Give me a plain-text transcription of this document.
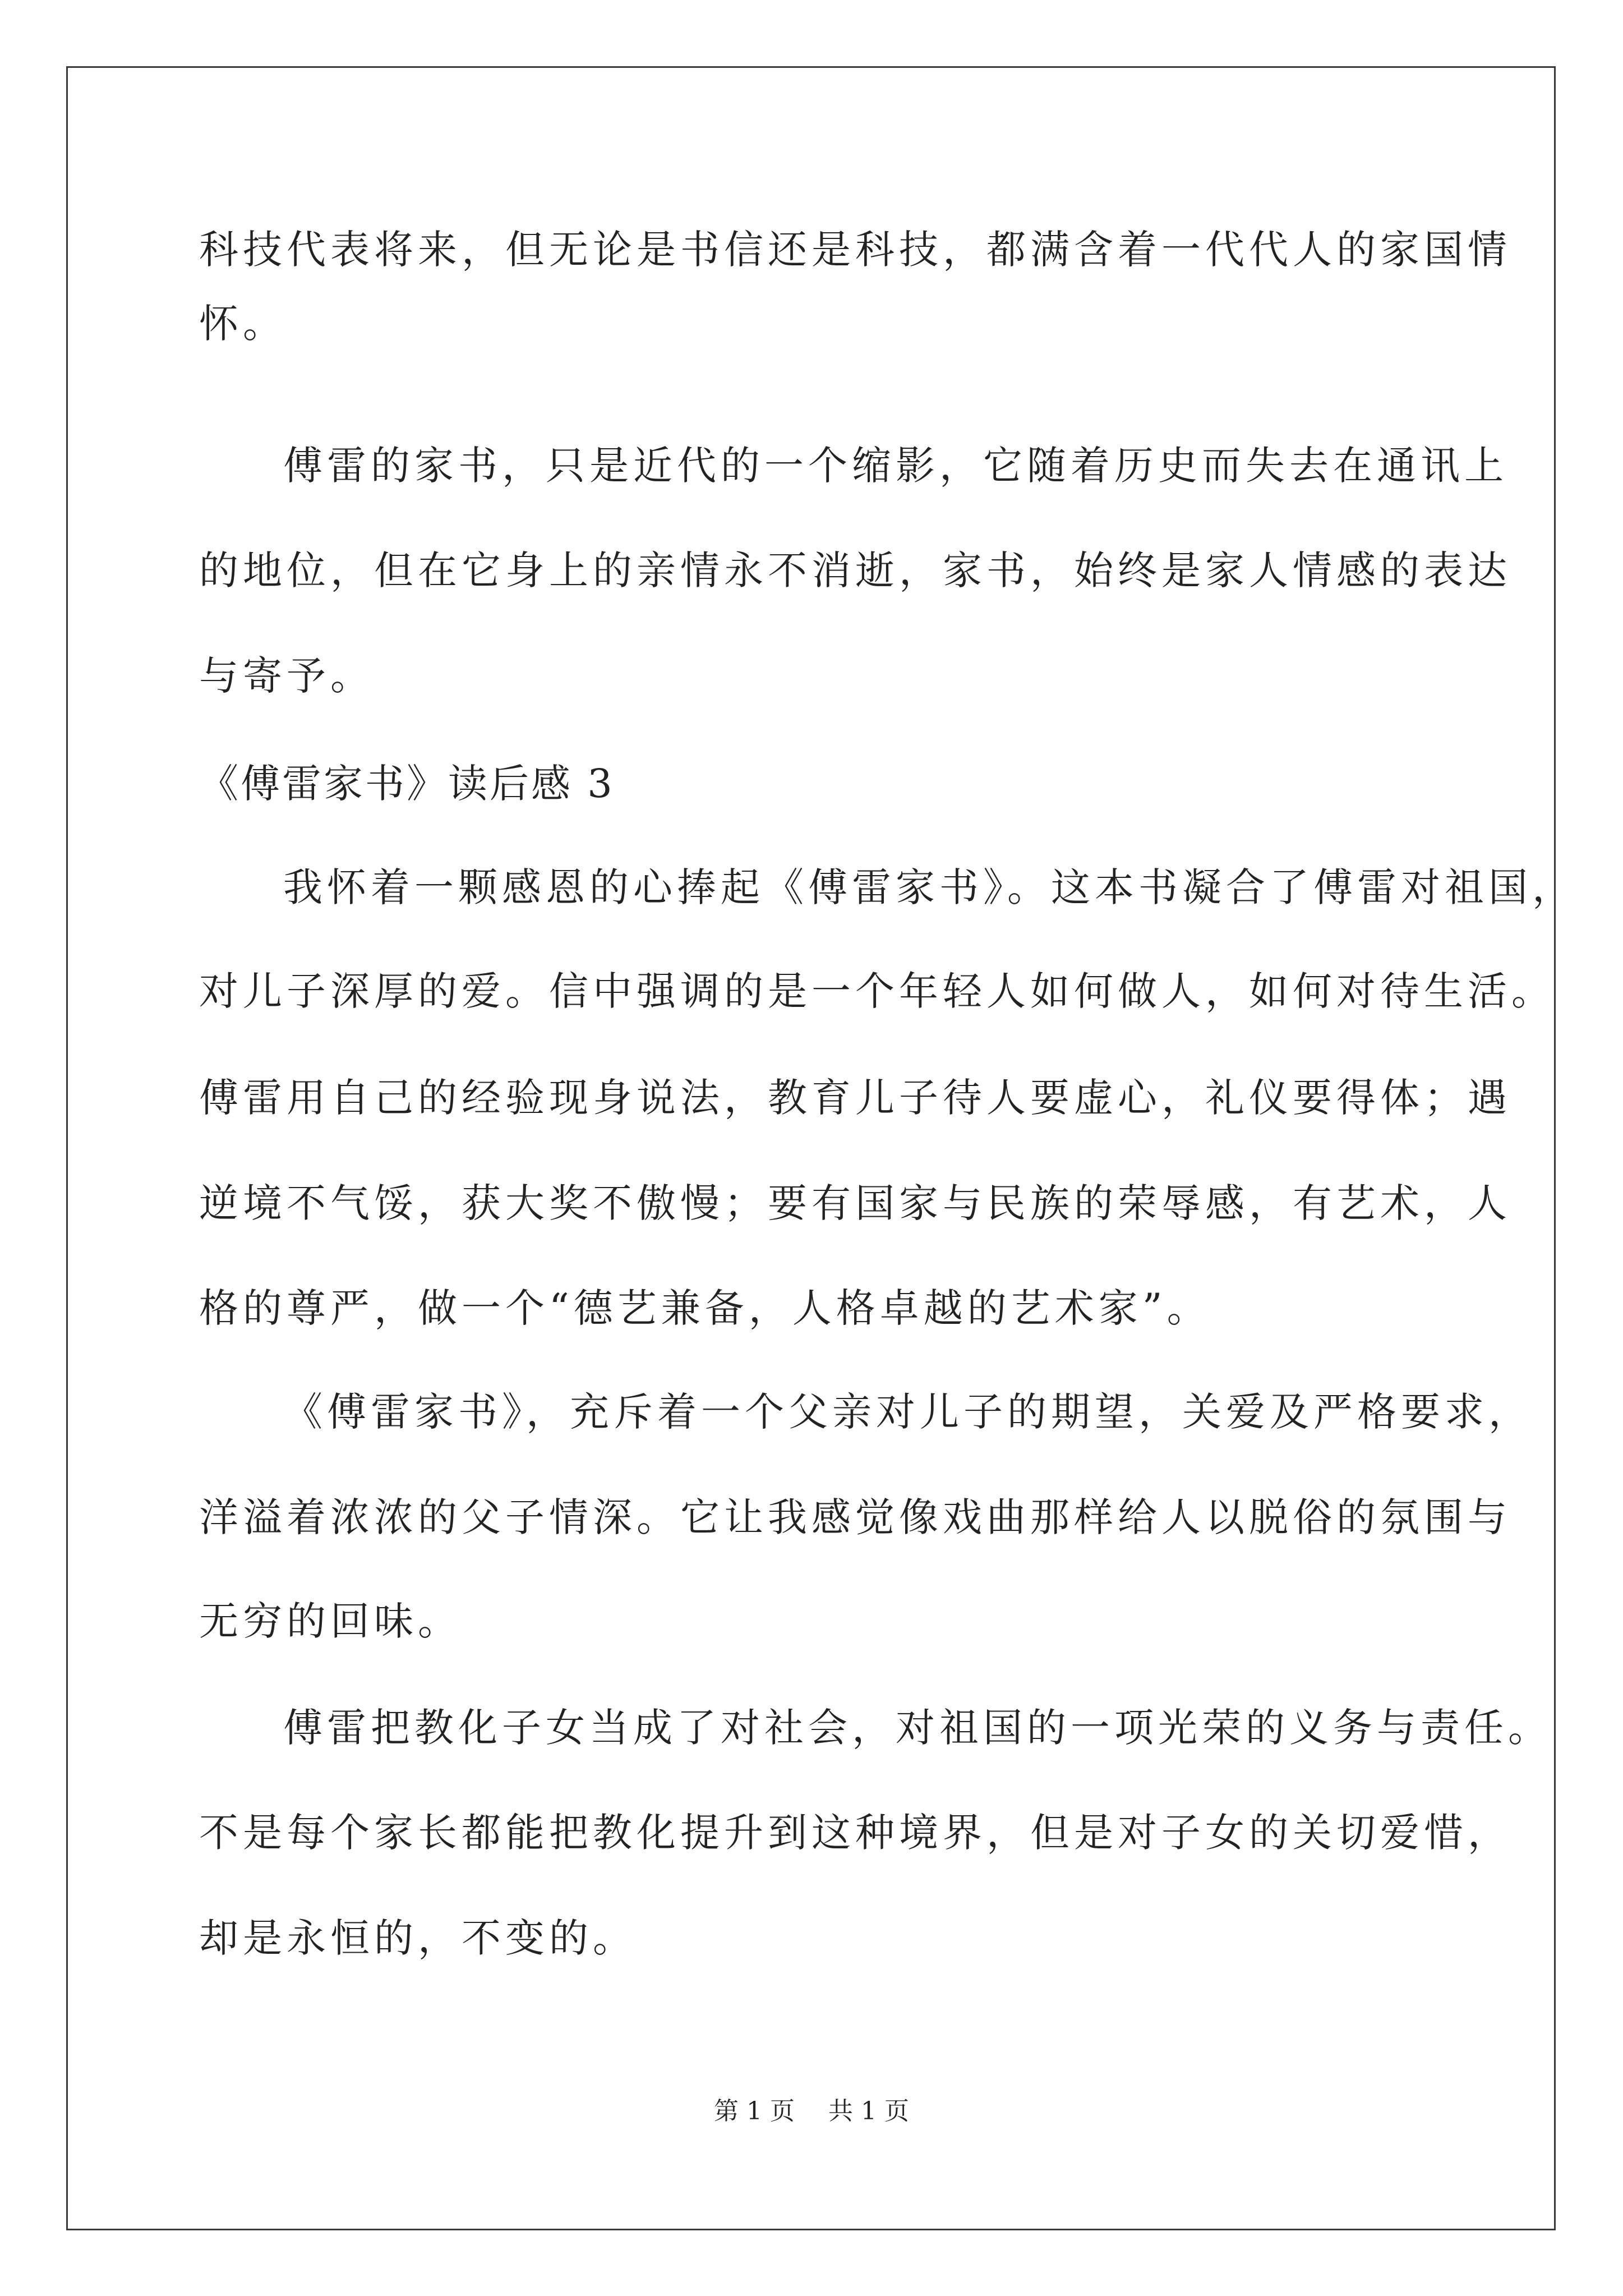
科技代表将来，但无论是书信还是科技，都满含着一代代人的家国情
怀。
傅雷的家书，只是近代的一个缩影，它随着历史而失去在通讯上
的地位，但在它身上的亲情永不消逝，家书，始终是家人情感的表达
与寄予。
《傅雷家书》读后感 3
我怀着一颗感恩的心捧起《傅雷家书》。这本书凝合了傅雷对祖国，
对儿子深厚的爱。信中强调的是一个年轻人如何做人，如何对待生活。
傅雷用自己的经验现身说法，教育儿子待人要虚心，礼仪要得体；遇
逆境不气馁，获大奖不傲慢；要有国家与民族的荣辱感，有艺术，人
格的尊严，做一个“德艺兼备，人格卓越的艺术家”。
《傅雷家书》，充斥着一个父亲对儿子的期望，关爱及严格要求，
洋溢着浓浓的父子情深。它让我感觉像戏曲那样给人以脱俗的氛围与
无穷的回味。
傅雷把教化子女当成了对社会，对祖国的一项光荣的义务与责任。
不是每个家长都能把教化提升到这种境界，但是对子女的关切爱惜，
却是永恒的，不变的。
第 1 页 共 1 页
